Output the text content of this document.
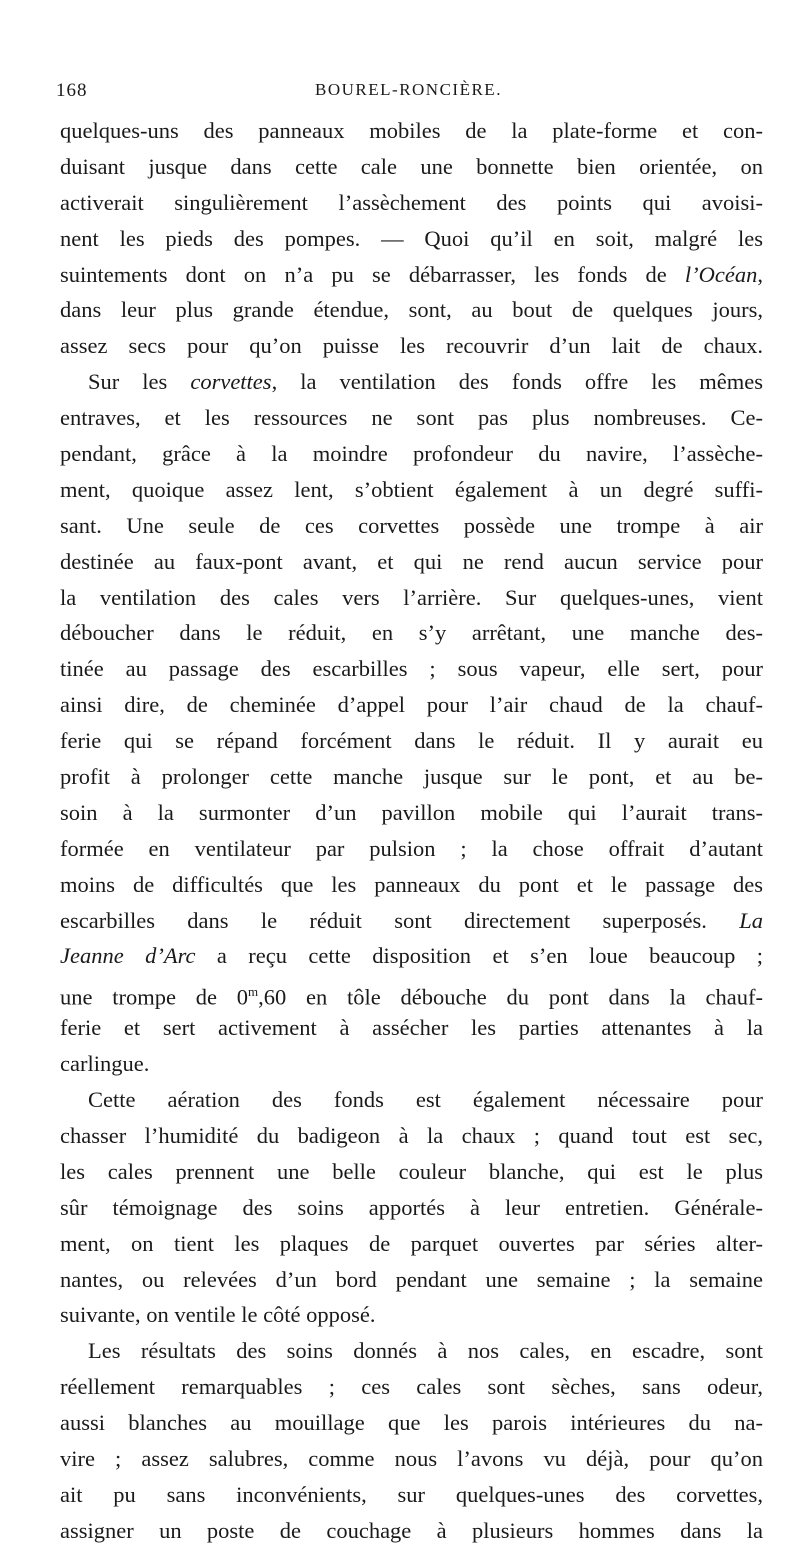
168	BOUREL-RONCIÈRE.
quelques-uns des panneaux mobiles de la plate-forme et con-
duisant jusque dans cette cale une bonnette bien orientée, on
activerait singulièrement l’assèchement des points qui avoisi-
nent les pieds des pompes. — Quoi qu’il en soit, malgré les
suintements dont on n’a pu se débarrasser, les fonds de l’Océan,
dans leur plus grande étendue, sont, au bout de quelques jours,
assez secs pour qu’on puisse les recouvrir d’un lait de chaux.
Sur les corvettes, la ventilation des fonds offre les mêmes
entraves, et les ressources ne sont pas plus nombreuses. Ce-
pendant, grâce à la moindre profondeur du navire, l’assèche-
ment, quoique assez lent, s’obtient également à un degré suffi-
sant. Une seule de ces corvettes possède une trompe à air
destinée au faux-pont avant, et qui ne rend aucun service pour
la ventilation des cales vers l’arrière. Sur quelques-unes, vient
déboucher dans le réduit, en s’y arrêtant, une manche des-
tinée au passage des escarbilles ; sous vapeur, elle sert, pour
ainsi dire, de cheminée d’appel pour l’air chaud de la chauf-
ferie qui se répand forcément dans le réduit. Il y aurait eu
profit à prolonger cette manche jusque sur le pont, et au be-
soin à la surmonter d’un pavillon mobile qui l’aurait trans-
formée en ventilateur par pulsion ; la chose offrait d’autant
moins de difficultés que les panneaux du pont et le passage des
escarbilles dans le réduit sont directement superposés. La
Jeanne d’Arc a reçu cette disposition et s’en loue beaucoup ;
une trompe de 0$^m$,60 en tôle débouche du pont dans la chauf-
ferie et sert activement à assécher les parties attenantes à la
carlingue.
Cette aération des fonds est également nécessaire pour
chasser l’humidité du badigeon à la chaux ; quand tout est sec,
les cales prennent une belle couleur blanche, qui est le plus
sûr témoignage des soins apportés à leur entretien. Générale-
ment, on tient les plaques de parquet ouvertes par séries alter-
nantes, ou relevées d’un bord pendant une semaine ; la semaine
suivante, on ventile le côté opposé.
Les résultats des soins donnés à nos cales, en escadre, sont
réellement remarquables ; ces cales sont sèches, sans odeur,
aussi blanches au mouillage que les parois intérieures du na-
vire ; assez salubres, comme nous l’avons vu déjà, pour qu’on
ait pu sans inconvénients, sur quelques-unes des corvettes,
assigner un poste de couchage à plusieurs hommes dans la
